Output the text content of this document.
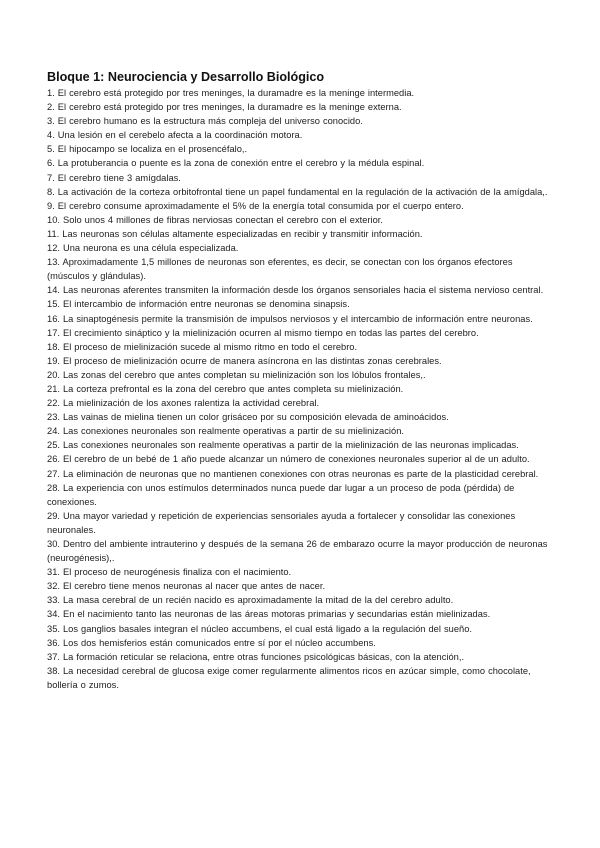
Bloque 1: Neurociencia y Desarrollo Biológico
1. El cerebro está protegido por tres meninges, la duramadre es la meninge intermedia.
2. El cerebro está protegido por tres meninges, la duramadre es la meninge externa.
3. El cerebro humano es la estructura más compleja del universo conocido.
4. Una lesión en el cerebelo afecta a la coordinación motora.
5. El hipocampo se localiza en el prosencéfalo,.
6. La protuberancia o puente es la zona de conexión entre el cerebro y la médula espinal.
7. El cerebro tiene 3 amígdalas.
8. La activación de la corteza orbitofrontal tiene un papel fundamental en la regulación de la activación de la amígdala,.
9. El cerebro consume aproximadamente el 5% de la energía total consumida por el cuerpo entero.
10. Solo unos 4 millones de fibras nerviosas conectan el cerebro con el exterior.
11. Las neuronas son células altamente especializadas en recibir y transmitir información.
12. Una neurona es una célula especializada.
13. Aproximadamente 1,5 millones de neuronas son eferentes, es decir, se conectan con los órganos efectores (músculos y glándulas).
14. Las neuronas aferentes transmiten la información desde los órganos sensoriales hacia el sistema nervioso central.
15. El intercambio de información entre neuronas se denomina sinapsis.
16. La sinaptogénesis permite la transmisión de impulsos nerviosos y el intercambio de información entre neuronas.
17. El crecimiento sináptico y la mielinización ocurren al mismo tiempo en todas las partes del cerebro.
18. El proceso de mielinización sucede al mismo ritmo en todo el cerebro.
19. El proceso de mielinización ocurre de manera asíncrona en las distintas zonas cerebrales.
20. Las zonas del cerebro que antes completan su mielinización son los lóbulos frontales,.
21. La corteza prefrontal es la zona del cerebro que antes completa su mielinización.
22. La mielinización de los axones ralentiza la actividad cerebral.
23. Las vainas de mielina tienen un color grisáceo por su composición elevada de aminoácidos.
24. Las conexiones neuronales son realmente operativas a partir de su mielinización.
25. Las conexiones neuronales son realmente operativas a partir de la mielinización de las neuronas implicadas.
26. El cerebro de un bebé de 1 año puede alcanzar un número de conexiones neuronales superior al de un adulto.
27. La eliminación de neuronas que no mantienen conexiones con otras neuronas es parte de la plasticidad cerebral.
28. La experiencia con unos estímulos determinados nunca puede dar lugar a un proceso de poda (pérdida) de conexiones.
29. Una mayor variedad y repetición de experiencias sensoriales ayuda a fortalecer y consolidar las conexiones neuronales.
30. Dentro del ambiente intrauterino y después de la semana 26 de embarazo ocurre la mayor producción de neuronas (neurogénesis),.
31. El proceso de neurogénesis finaliza con el nacimiento.
32. El cerebro tiene menos neuronas al nacer que antes de nacer.
33. La masa cerebral de un recién nacido es aproximadamente la mitad de la del cerebro adulto.
34. En el nacimiento tanto las neuronas de las áreas motoras primarias y secundarias están mielinizadas.
35. Los ganglios basales integran el núcleo accumbens, el cual está ligado a la regulación del sueño.
36. Los dos hemisferios están comunicados entre sí por el núcleo accumbens.
37. La formación reticular se relaciona, entre otras funciones psicológicas básicas, con la atención,.
38. La necesidad cerebral de glucosa exige comer regularmente alimentos ricos en azúcar simple, como chocolate, bollería o zumos.
